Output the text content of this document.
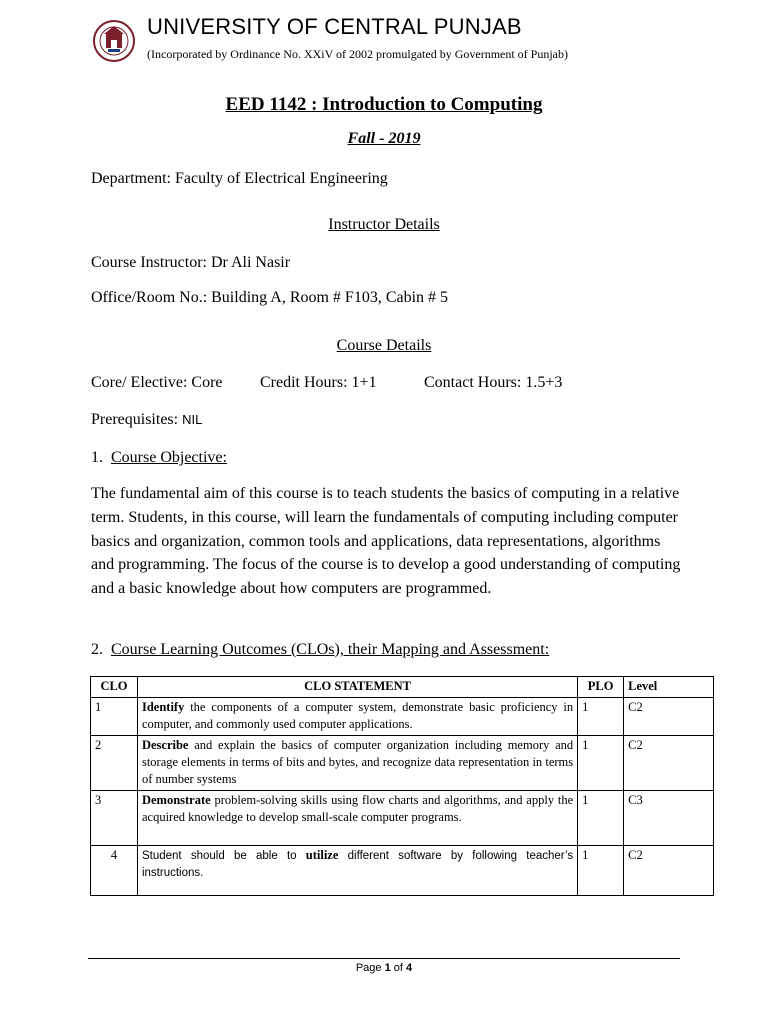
UNIVERSITY OF CENTRAL PUNJAB
(Incorporated by Ordinance No. XXiV of 2002 promulgated by Government of Punjab)
EED 1142 : Introduction to Computing
Fall - 2019
Department: Faculty of Electrical Engineering
Instructor Details
Course Instructor: Dr Ali Nasir
Office/Room No.: Building A, Room # F103, Cabin # 5
Course Details
Core/ Elective: Core Credit Hours: 1+1	Contact Hours: 1.5+3
Prerequisites: NIL
1. Course Objective:
The fundamental aim of this course is to teach students the basics of computing in a relative term. Students, in this course, will learn the fundamentals of computing including computer basics and organization, common tools and applications, data representations, algorithms and programming. The focus of the course is to develop a good understanding of computing and a basic knowledge about how computers are programmed.
2. Course Learning Outcomes (CLOs), their Mapping and Assessment:
CLO	CLO STATEMENT	PLO	Level
1	Identify the components of a computer system, demonstrate basic proficiency in computer, and commonly used computer applications.	1	C2
2	Describe and explain the basics of computer organization including memory and storage elements in terms of bits and bytes, and recognize data representation in terms of number systems	1	C2
3	Demonstrate problem-solving skills using flow charts and algorithms, and apply the acquired knowledge to develop small-scale computer programs.	1	C3
4	Student should be able to utilize different software by following teacher’s instructions.	1	C2
Page 1 of 4
